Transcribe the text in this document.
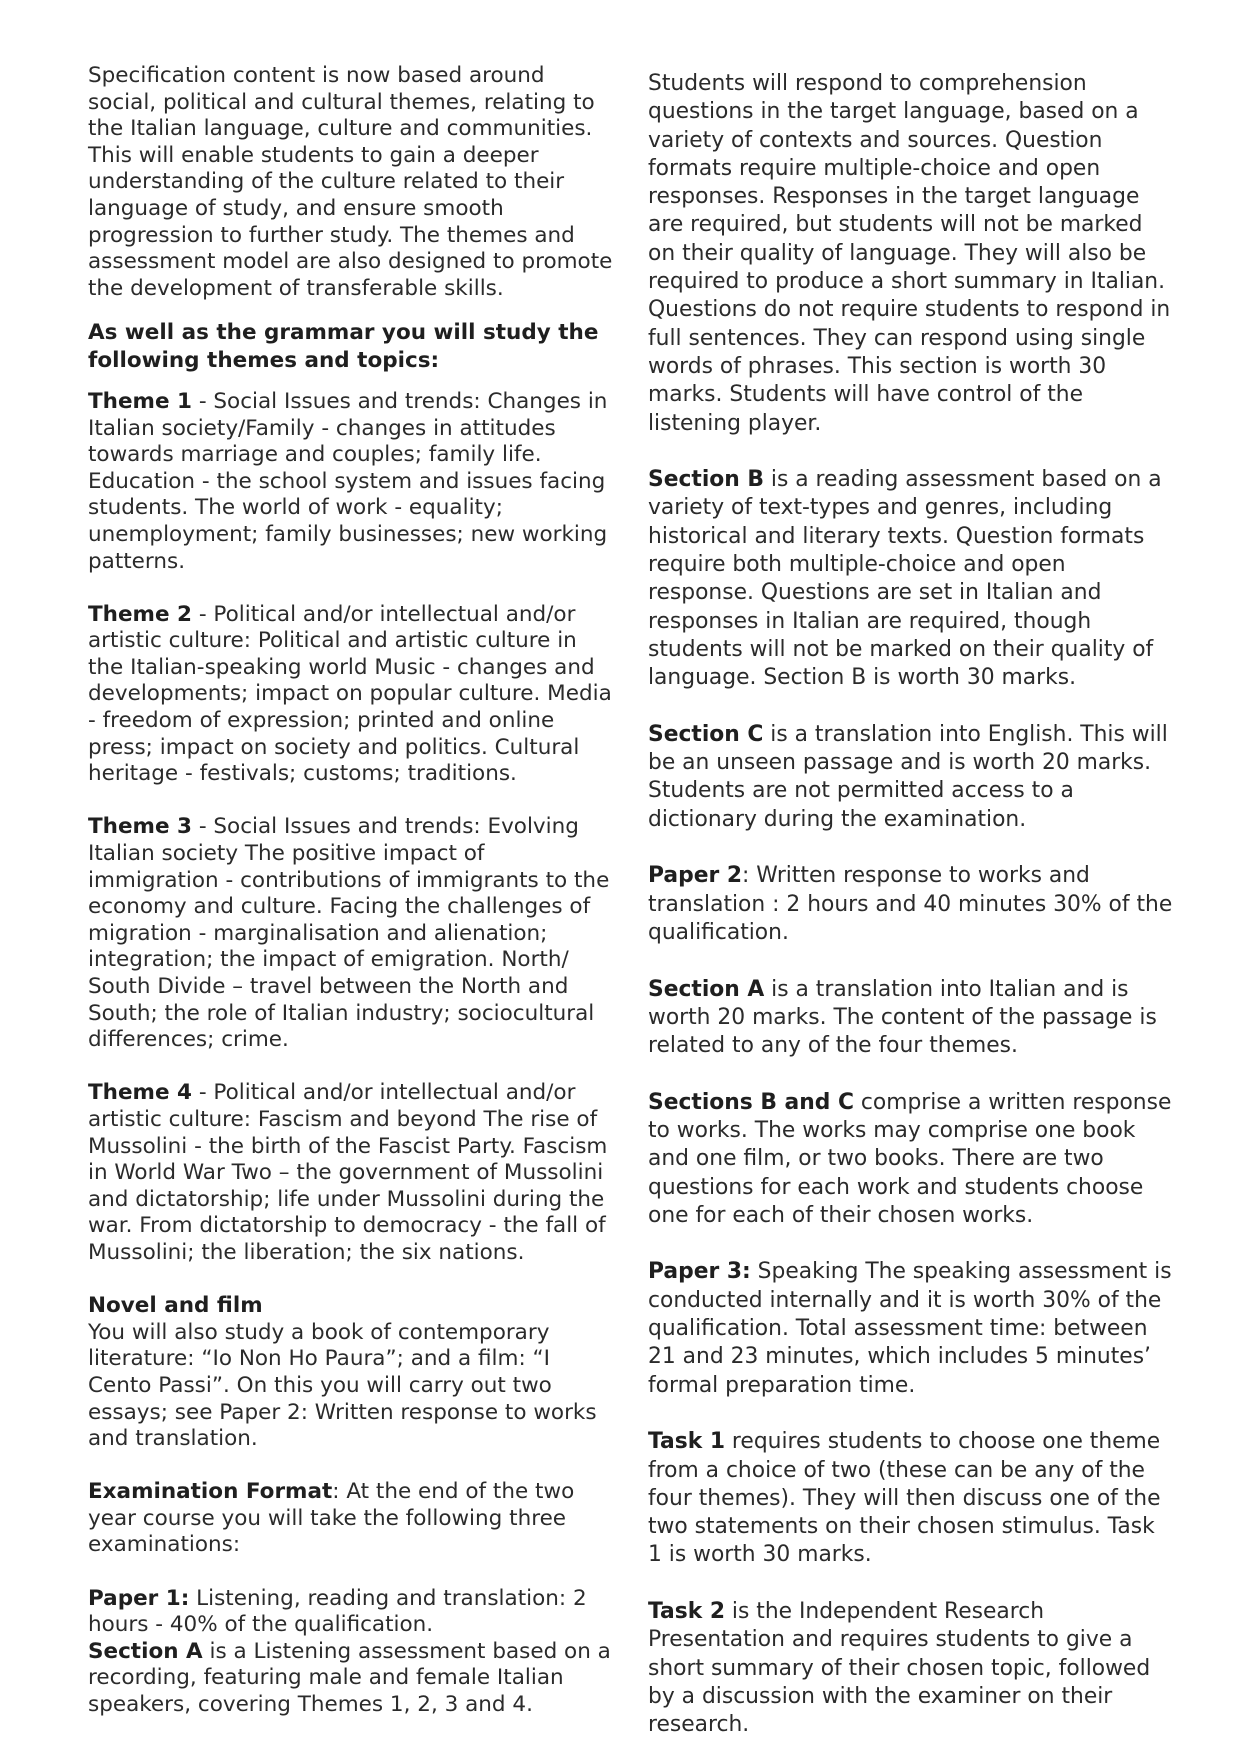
Specification content is now based around social, political and cultural themes, relating to the Italian language, culture and communities. This will enable students to gain a deeper understanding of the culture related to their language of study, and ensure smooth progression to further study. The themes and assessment model are also designed to promote the development of transferable skills.

As well as the grammar you will study the following themes and topics:

Theme 1 - Social Issues and trends: Changes in Italian society/Family - changes in attitudes towards marriage and couples; family life. Education - the school system and issues facing students. The world of work - equality; unemployment; family businesses; new working patterns.

Theme 2 - Political and/or intellectual and/or artistic culture: Political and artistic culture in the Italian-speaking world Music - changes and developments; impact on popular culture. Media - freedom of expression; printed and online press; impact on society and politics. Cultural heritage - festivals; customs; traditions.

Theme 3 - Social Issues and trends: Evolving Italian society The positive impact of immigration - contributions of immigrants to the economy and culture. Facing the challenges of migration - marginalisation and alienation; integration; the impact of emigration. North/ South Divide – travel between the North and South; the role of Italian industry; sociocultural differences; crime.

Theme 4 - Political and/or intellectual and/or artistic culture: Fascism and beyond The rise of Mussolini - the birth of the Fascist Party. Fascism in World War Two – the government of Mussolini and dictatorship; life under Mussolini during the war. From dictatorship to democracy - the fall of Mussolini; the liberation; the six nations.

Novel and film
You will also study a book of contemporary literature: “Io Non Ho Paura”; and a film: “I Cento Passi”. On this you will carry out two essays; see Paper 2: Written response to works and translation.

Examination Format: At the end of the two year course you will take the following three examinations:

Paper 1: Listening, reading and translation: 2 hours - 40% of the qualification.

Section A is a Listening assessment based on a recording, featuring male and female Italian speakers, covering Themes 1, 2, 3 and 4.

Students will respond to comprehension questions in the target language, based on a variety of contexts and sources. Question formats require multiple-choice and open responses. Responses in the target language are required, but students will not be marked on their quality of language. They will also be required to produce a short summary in Italian. Questions do not require students to respond in full sentences. They can respond using single words of phrases. This section is worth 30 marks. Students will have control of the listening player.

Section B is a reading assessment based on a variety of text-types and genres, including historical and literary texts. Question formats require both multiple-choice and open response. Questions are set in Italian and responses in Italian are required, though students will not be marked on their quality of language. Section B is worth 30 marks.

Section C is a translation into English. This will be an unseen passage and is worth 20 marks. Students are not permitted access to a dictionary during the examination.

Paper 2: Written response to works and translation : 2 hours and 40 minutes 30% of the qualification.

Section A is a translation into Italian and is worth 20 marks. The content of the passage is related to any of the four themes.

Sections B and C comprise a written response to works. The works may comprise one book and one film, or two books. There are two questions for each work and students choose one for each of their chosen works.

Paper 3: Speaking The speaking assessment is conducted internally and it is worth 30% of the qualification. Total assessment time: between 21 and 23 minutes, which includes 5 minutes’ formal preparation time.

Task 1 requires students to choose one theme from a choice of two (these can be any of the four themes). They will then discuss one of the two statements on their chosen stimulus. Task 1 is worth 30 marks.

Task 2 is the Independent Research Presentation and requires students to give a short summary of their chosen topic, followed by a discussion with the examiner on their research.
